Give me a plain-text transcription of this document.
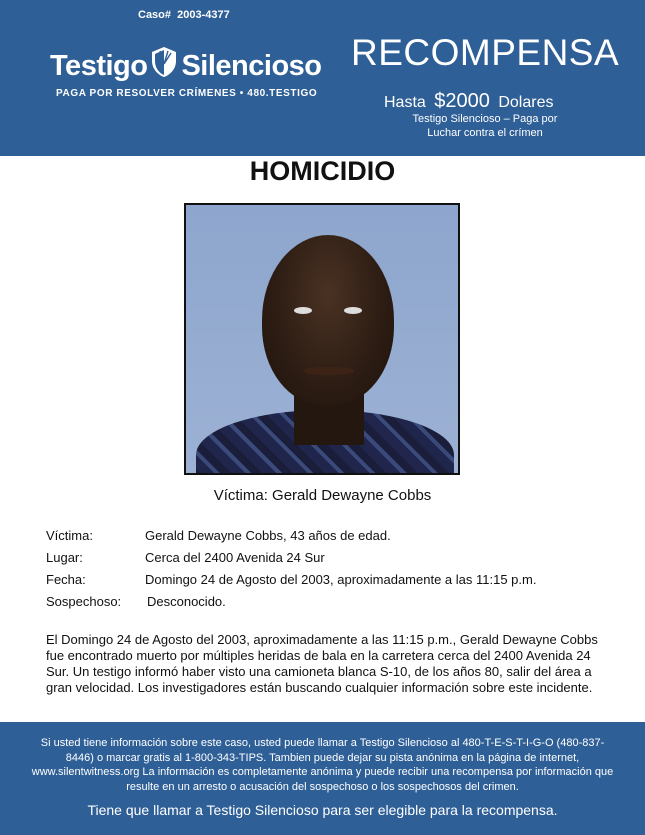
Caso# 2003-4377
Testigo Silencioso
PAGA POR RESOLVER CRÍMENES • 480.TESTIGO
RECOMPENSA
Hasta $2000 Dolares
Testigo Silencioso – Paga por Luchar contra el crímen
HOMICIDIO
Víctima: Gerald Dewayne Cobbs
Víctima:	Gerald Dewayne Cobbs, 43 años de edad.
Lugar:	Cerca del 2400 Avenida 24 Sur
Fecha:	Domingo 24 de Agosto del 2003, aproximadamente a las 11:15 p.m.
Sospechoso: Desconocido.
El Domingo 24 de Agosto del 2003, aproximadamente a las 11:15 p.m., Gerald Dewayne Cobbs fue encontrado muerto por múltiples heridas de bala en la carretera cerca del 2400 Avenida 24 Sur. Un testigo informó haber visto una camioneta blanca S-10, de los años 80, salir del área a gran velocidad. Los investigadores están buscando cualquier información sobre este incidente.
Si usted tiene información sobre este caso, usted puede llamar a Testigo Silencioso al 480-T-E-S-T-I-G-O (480-837-8446) o marcar gratis al 1-800-343-TIPS. Tambien puede dejar su pista anónima en la página de internet, www.silentwitness.org La información es completamente anónima y puede recibir una recompensa por información que resulte en un arresto o acusación del sospechoso o los sospechosos del crimen.
Tiene que llamar a Testigo Silencioso para ser elegible para la recompensa.
